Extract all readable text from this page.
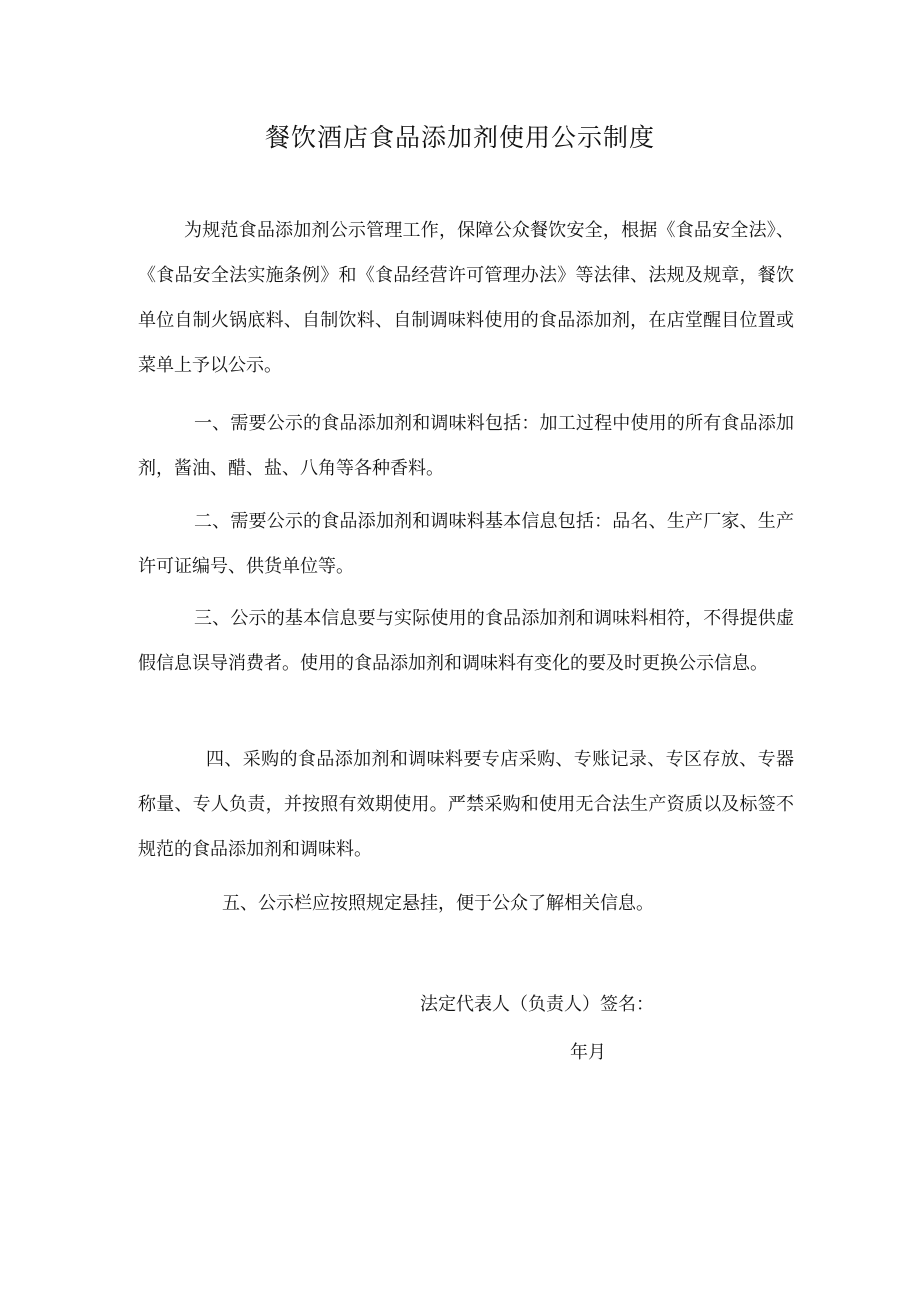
餐饮酒店食品添加剂使用公示制度

为规范食品添加剂公示管理工作，保障公众餐饮安全，根据《食品安全法》、《食品安全法实施条例》和《食品经营许可管理办法》等法律、法规及规章，餐饮单位自制火锅底料、自制饮料、自制调味料使用的食品添加剂，在店堂醒目位置或菜单上予以公示。

一、需要公示的食品添加剂和调味料包括：加工过程中使用的所有食品添加剂，酱油、醋、盐、八角等各种香料。

二、需要公示的食品添加剂和调味料基本信息包括：品名、生产厂家、生产许可证编号、供货单位等。

三、公示的基本信息要与实际使用的食品添加剂和调味料相符，不得提供虚假信息误导消费者。使用的食品添加剂和调味料有变化的要及时更换公示信息。

四、采购的食品添加剂和调味料要专店采购、专账记录、专区存放、专器称量、专人负责，并按照有效期使用。严禁采购和使用无合法生产资质以及标签不规范的食品添加剂和调味料。

五、公示栏应按照规定悬挂，便于公众了解相关信息。

法定代表人（负责人）签名：
年月
